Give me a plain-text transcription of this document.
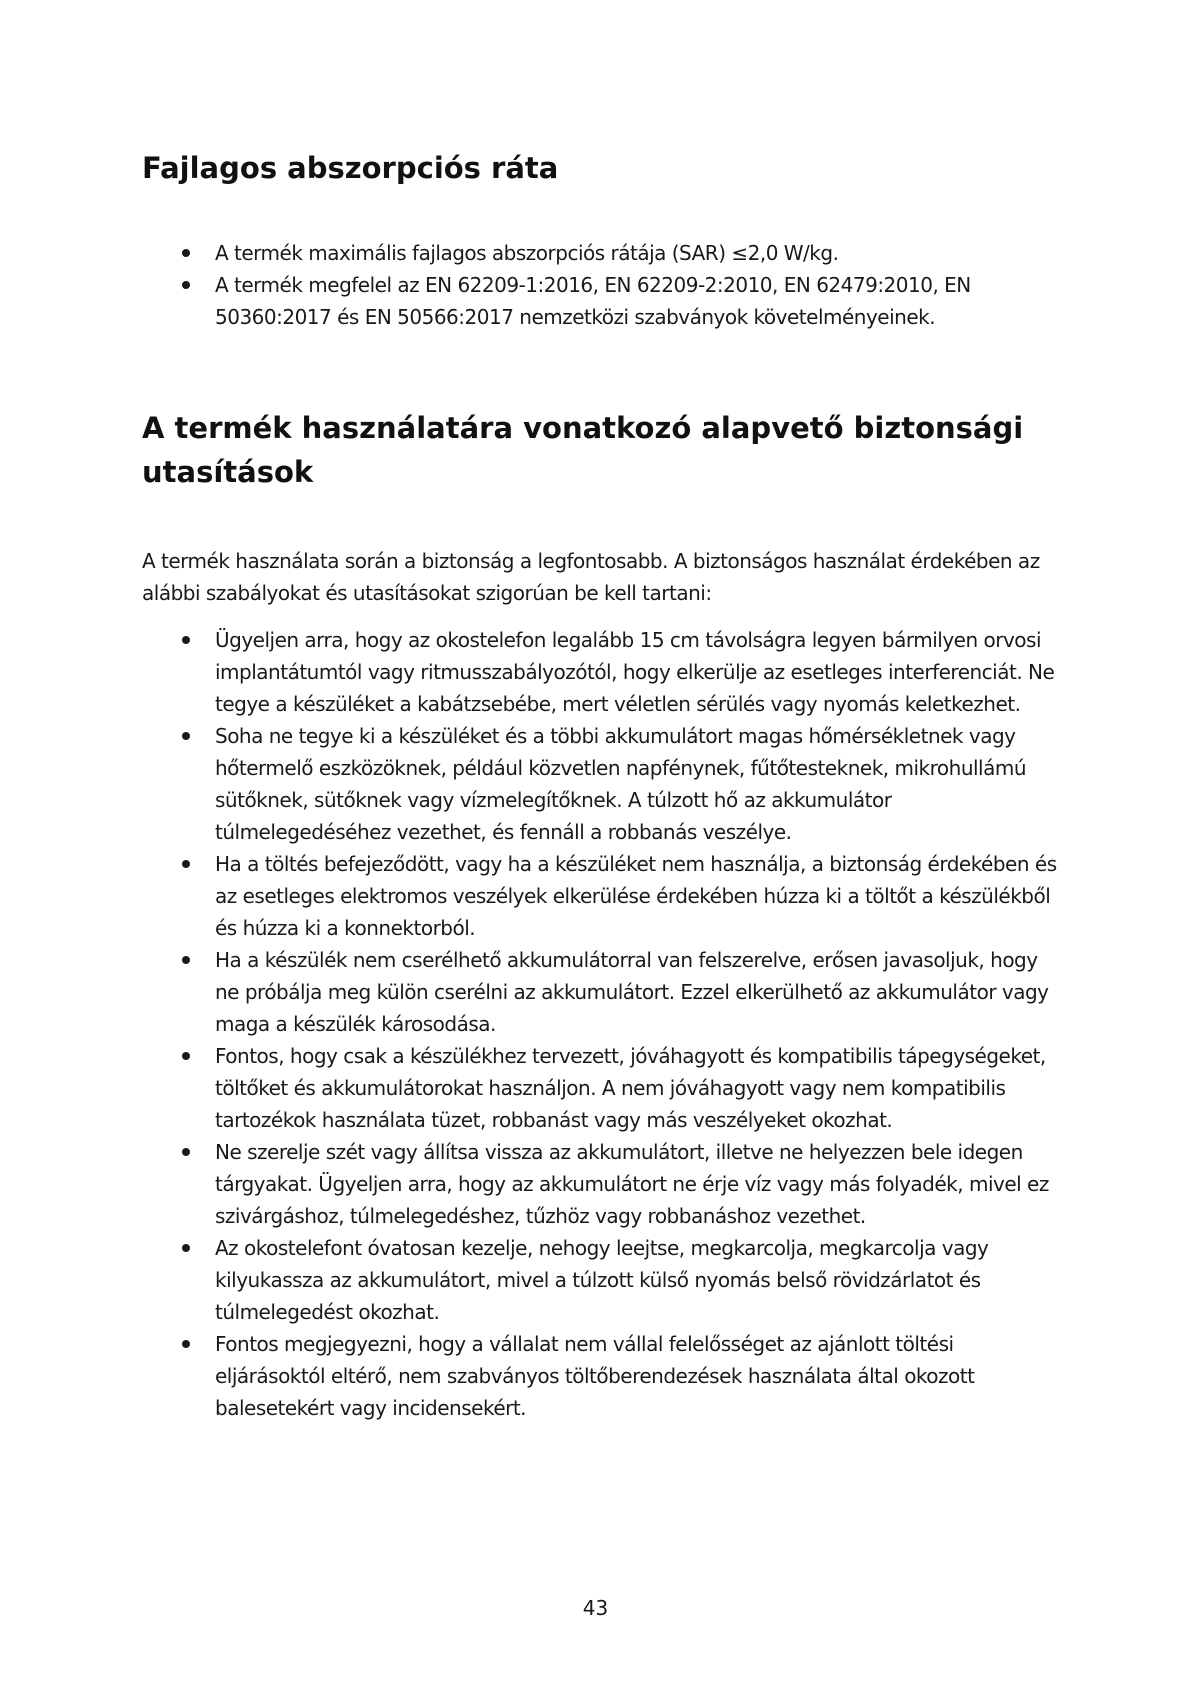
Fajlagos abszorpciós ráta
A termék maximális fajlagos abszorpciós rátája (SAR) ≤2,0 W/kg.
A termék megfelel az EN 62209-1:2016, EN 62209-2:2010, EN 62479:2010, EN 50360:2017 és EN 50566:2017 nemzetközi szabványok követelményeinek.
A termék használatára vonatkozó alapvető biztonsági utasítások

A termék használata során a biztonság a legfontosabb. A biztonságos használat érdekében az alábbi szabályokat és utasításokat szigorúan be kell tartani:

Ügyeljen arra, hogy az okostelefon legalább 15 cm távolságra legyen bármilyen orvosi implantátumtól vagy ritmusszabályozótól, hogy elkerülje az esetleges interferenciát. Ne tegye a készüléket a kabátzsebébe, mert véletlen sérülés vagy nyomás keletkezhet.
Soha ne tegye ki a készüléket és a többi akkumulátort magas hőmérsékletnek vagy hőtermelő eszközöknek, például közvetlen napfénynek, fűtőtesteknek, mikrohullámú sütőknek, sütőknek vagy vízmelegítőknek. A túlzott hő az akkumulátor túlmelegedéséhez vezethet, és fennáll a robbanás veszélye.
Ha a töltés befejeződött, vagy ha a készüléket nem használja, a biztonság érdekében és az esetleges elektromos veszélyek elkerülése érdekében húzza ki a töltőt a készülékből és húzza ki a konnektorból.
Ha a készülék nem cserélhető akkumulátorral van felszerelve, erősen javasoljuk, hogy ne próbálja meg külön cserélni az akkumulátort. Ezzel elkerülhető az akkumulátor vagy maga a készülék károsodása.
Fontos, hogy csak a készülékhez tervezett, jóváhagyott és kompatibilis tápegységeket, töltőket és akkumulátorokat használjon. A nem jóváhagyott vagy nem kompatibilis tartozékok használata tüzet, robbanást vagy más veszélyeket okozhat.
Ne szerelje szét vagy állítsa vissza az akkumulátort, illetve ne helyezzen bele idegen tárgyakat. Ügyeljen arra, hogy az akkumulátort ne érje víz vagy más folyadék, mivel ez szivárgáshoz, túlmelegedéshez, tűzhöz vagy robbanáshoz vezethet.
Az okostelefont óvatosan kezelje, nehogy leejtse, megkarcolja, megkarcolja vagy kilyukassza az akkumulátort, mivel a túlzott külső nyomás belső rövidzárlatot és túlmelegedést okozhat.
Fontos megjegyezni, hogy a vállalat nem vállal felelősséget az ajánlott töltési eljárásoktól eltérő, nem szabványos töltőberendezések használata által okozott balesetekért vagy incidensekért.
43
